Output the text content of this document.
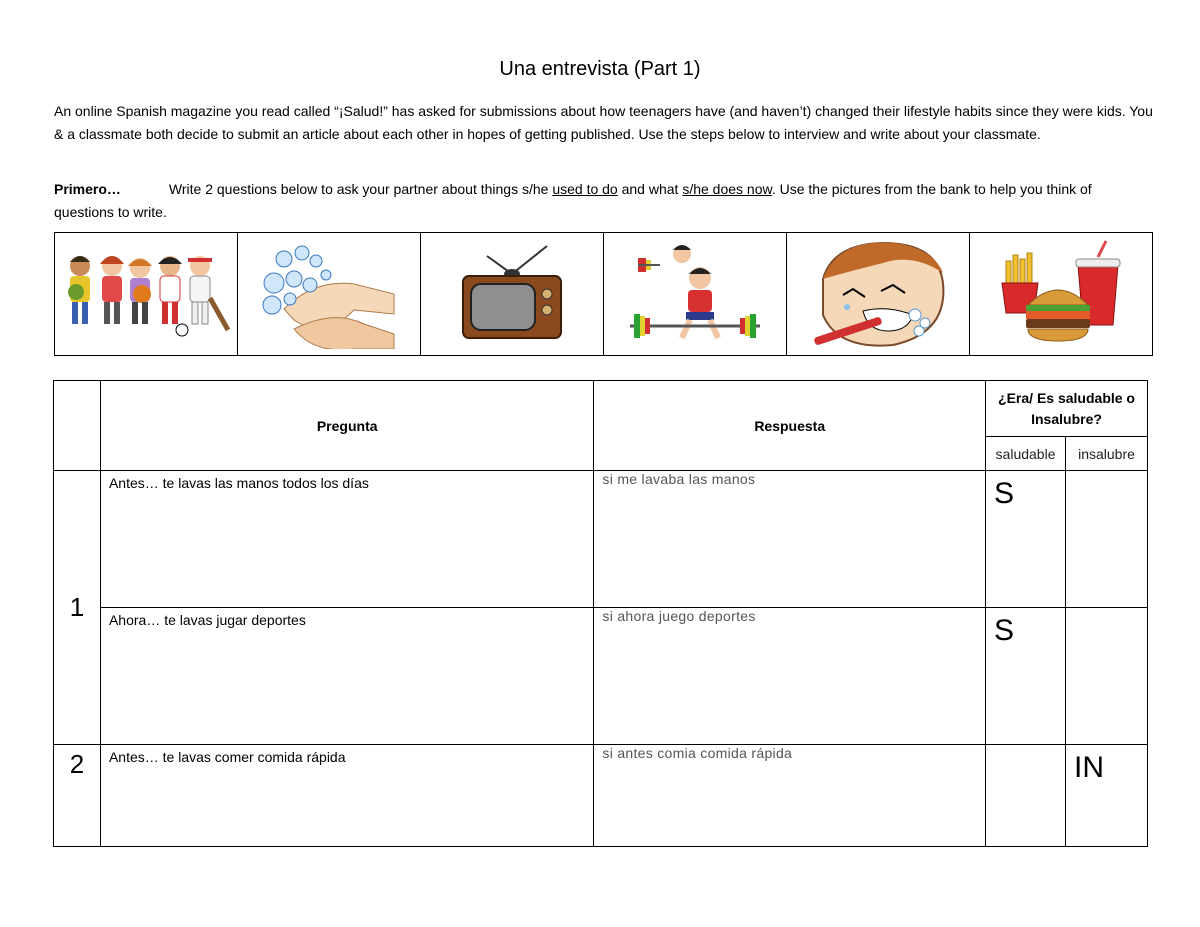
Una entrevista (Part 1)
An online Spanish magazine you read called “¡Salud!” has asked for submissions about how teenagers have (and haven’t) changed their lifestyle habits since they were kids. You & a classmate both decide to submit an article about each other in hopes of getting published. Use the steps below to interview and write about your classmate.
Primero…	Write 2 questions below to ask your partner about things s/he used to do and what s/he does now. Use the pictures from the bank to help you think of questions to write.
	Pregunta	Respuesta	¿Era/ Es saludable o Insalubre?	
			saludable	insalubre
1	Antes… te lavas las manos todos los días	si me lavaba las manos	S	
	Ahora… te lavas jugar deportes	si ahora juego deportes	S	
2	Antes… te lavas comer comida rápida	si antes comia comida rápida		IN
